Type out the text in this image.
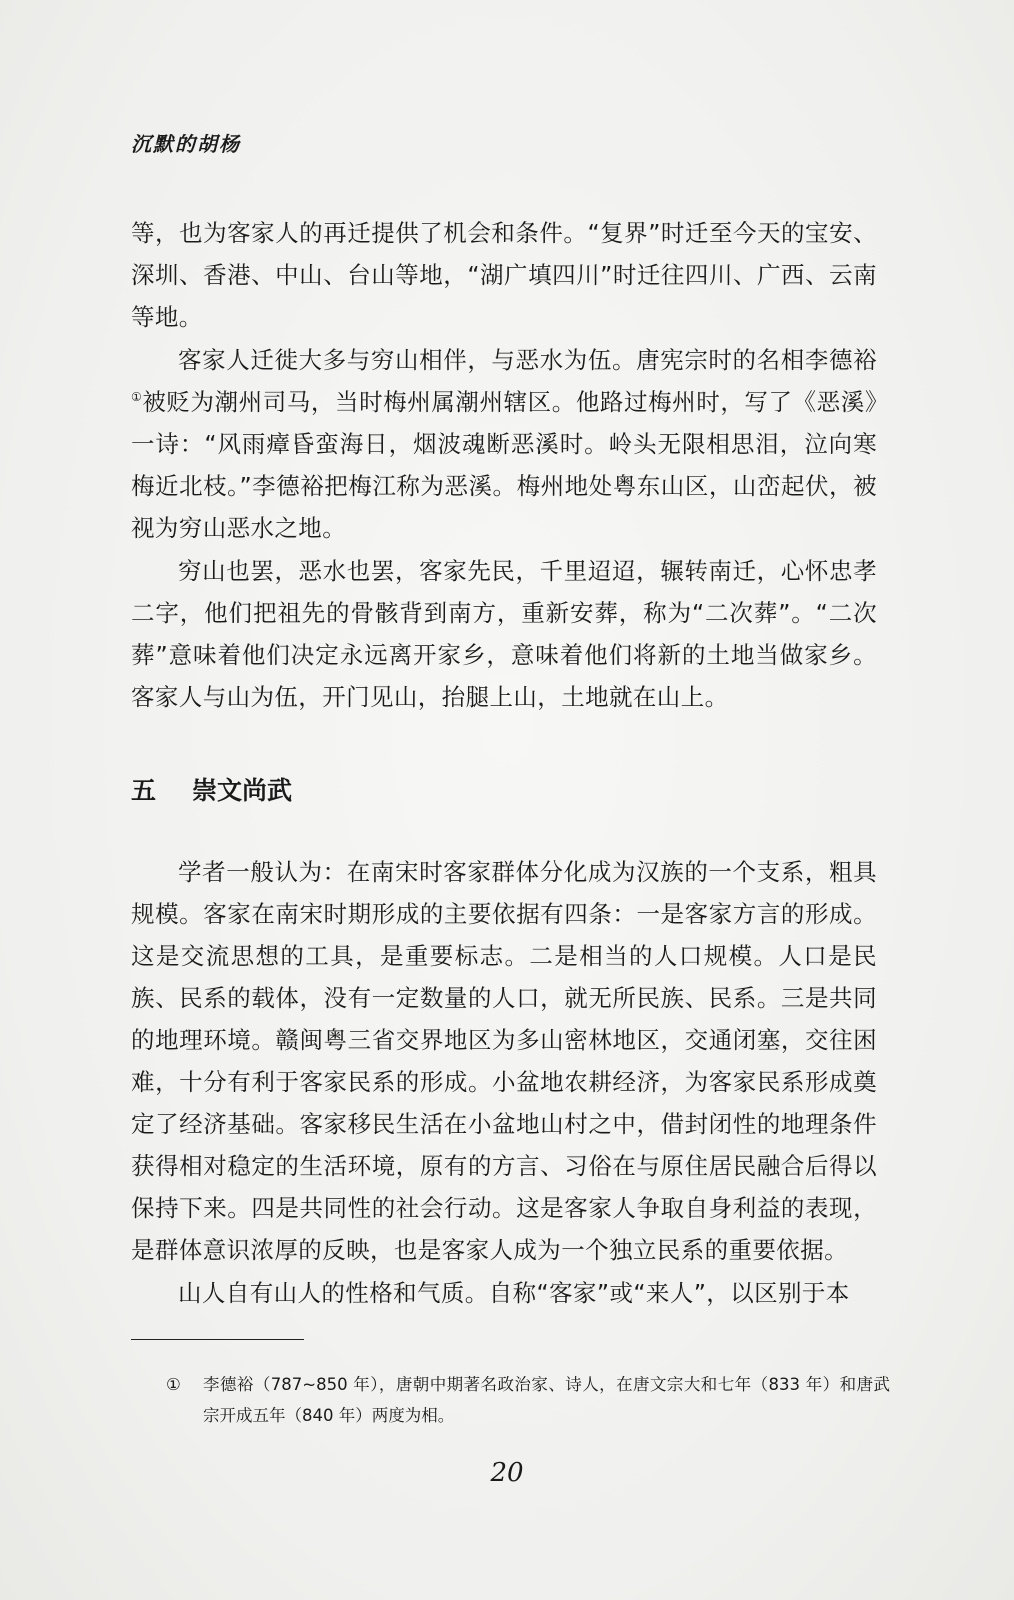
沉默的胡杨

等，也为客家人的再迁提供了机会和条件。“复界”时迁至今天的宝安、深圳、香港、中山、台山等地，“湖广填四川”时迁往四川、广西、云南等地。

客家人迁徙大多与穷山相伴，与恶水为伍。唐宪宗时的名相李德裕①被贬为潮州司马，当时梅州属潮州辖区。他路过梅州时，写了《恶溪》一诗：“风雨瘴昏蛮海日，烟波魂断恶溪时。岭头无限相思泪，泣向寒梅近北枝。”李德裕把梅江称为恶溪。梅州地处粤东山区，山峦起伏，被视为穷山恶水之地。

穷山也罢，恶水也罢，客家先民，千里迢迢，辗转南迁，心怀忠孝二字，他们把祖先的骨骸背到南方，重新安葬，称为“二次葬”。“二次葬”意味着他们决定永远离开家乡，意味着他们将新的土地当做家乡。客家人与山为伍，开门见山，抬腿上山，土地就在山上。

五 崇文尚武

学者一般认为：在南宋时客家群体分化成为汉族的一个支系，粗具规模。客家在南宋时期形成的主要依据有四条：一是客家方言的形成。这是交流思想的工具，是重要标志。二是相当的人口规模。人口是民族、民系的载体，没有一定数量的人口，就无所民族、民系。三是共同的地理环境。赣闽粤三省交界地区为多山密林地区，交通闭塞，交往困难，十分有利于客家民系的形成。小盆地农耕经济，为客家民系形成奠定了经济基础。客家移民生活在小盆地山村之中，借封闭性的地理条件获得相对稳定的生活环境，原有的方言、习俗在与原住居民融合后得以保持下来。四是共同性的社会行动。这是客家人争取自身利益的表现，是群体意识浓厚的反映，也是客家人成为一个独立民系的重要依据。

山人自有山人的性格和气质。自称“客家”或“来人”，以区别于本

① 李德裕（787~850 年），唐朝中期著名政治家、诗人，在唐文宗大和七年（833 年）和唐武宗开成五年（840 年）两度为相。
20
